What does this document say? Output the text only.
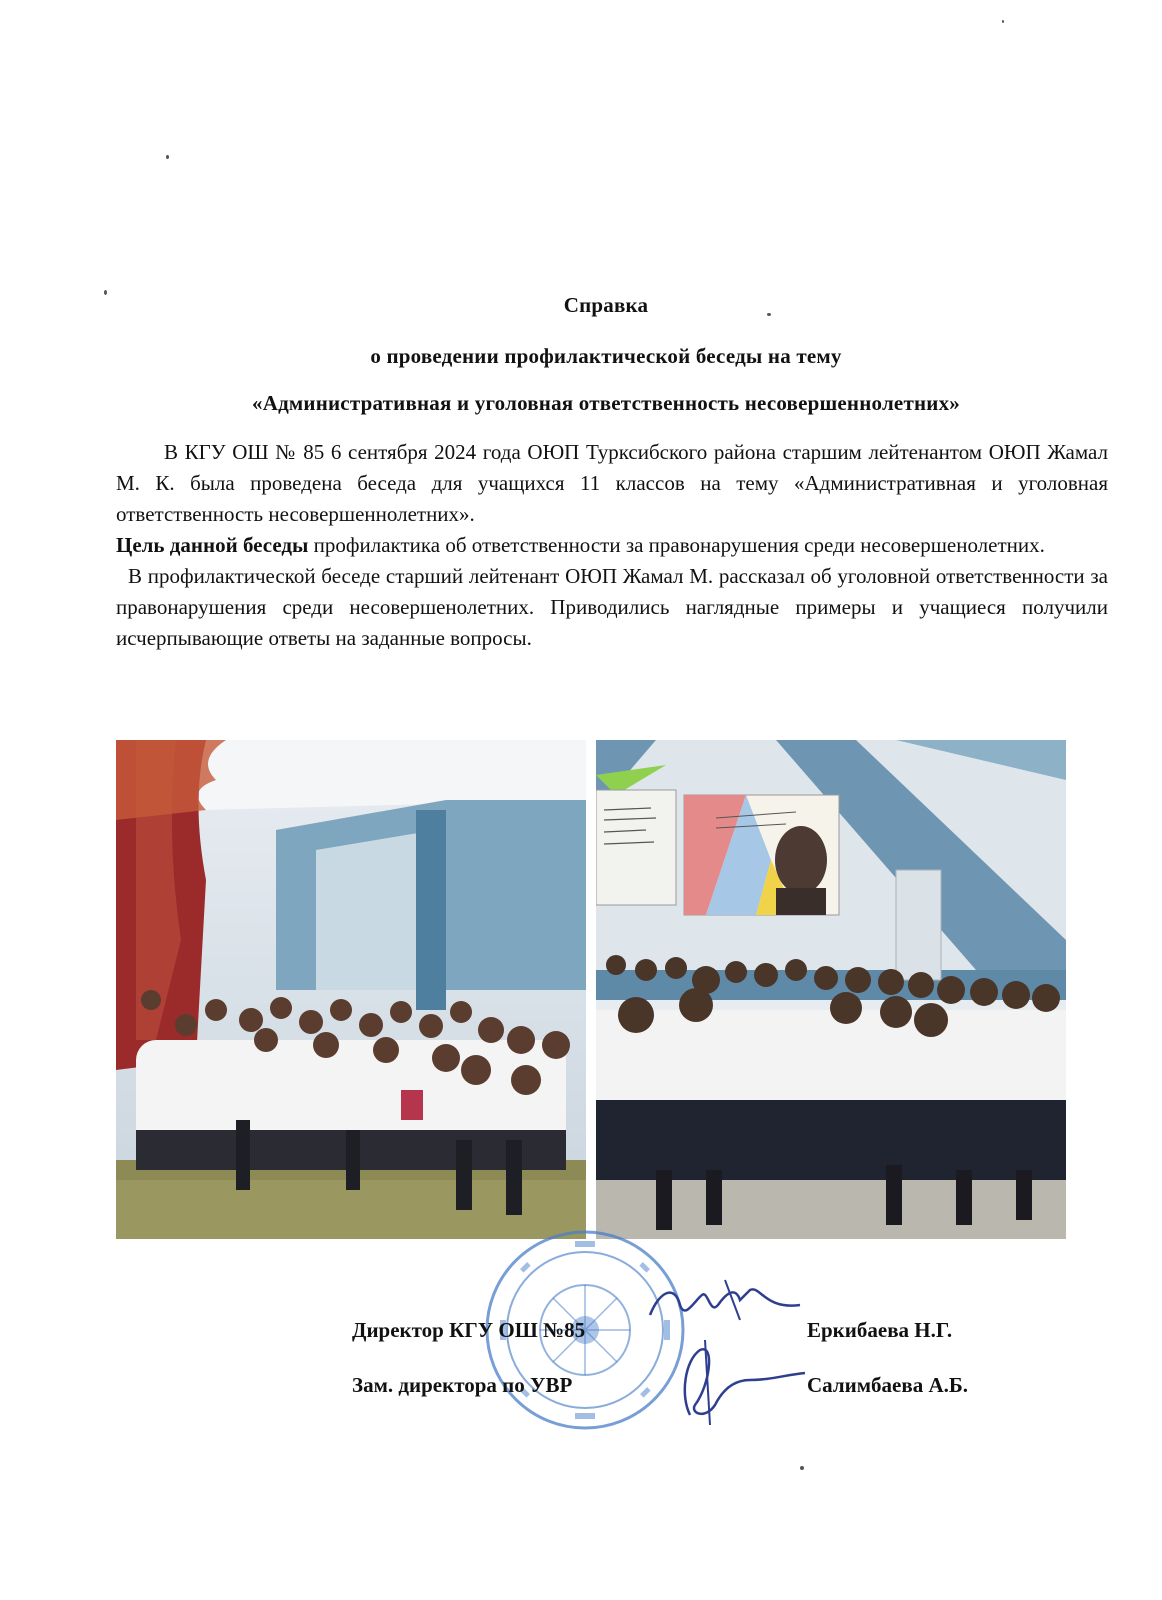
Справка
о проведении профилактической беседы на тему
«Административная и уголовная ответственность несовершеннолетних»

В КГУ ОШ № 85 6 сентября 2024 года ОЮП Турксибского района старшим лейтенантом ОЮП Жамал М. К. была проведена беседа для учащихся 11 классов на тему «Административная и уголовная ответственность несовершеннолетних».

Цель данной беседы профилактика об ответственности за правонарушения среди несовершенолетних.

В профилактической беседе старший лейтенант ОЮП Жамал М. рассказал об уголовной ответственности за правонарушения среди несовершенолетних. Приводились наглядные примеры и учащиеся получили исчерпывающие ответы на заданные вопросы.

Директор КГУ ОШ №85	Еркибаева Н.Г.
Зам. директора по УВР	Салимбаева А.Б.
